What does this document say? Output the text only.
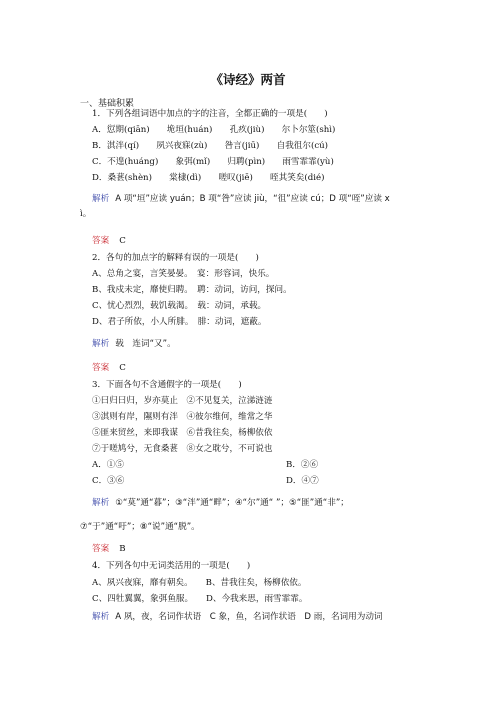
《诗经》两首
一、基础积累
1．下列各组词语中加点的字的注音，全都正确的一项是(　　)
A．愆期(qiān)　　垝垣(huán)　　孔疚(jiù)　　尔卜尔筮(shì)
B．淇泮(qí)　　夙兴夜寐(zù)　　咎言(jiū)　　自我徂尔(cú)
C．不遑(huáng)　　象弭(mǐ)　　归聘(pìn)　　雨雪霏霏(yù)
D．桑葚(shèn)　　棠棣(dì)　　嗟叹(jiē)　　咥其笑矣(dié)
解析 A 项“垣”应读 yuán；B 项“咎”应读 jiù，“徂”应读 cú；D 项“咥”应读 x
ì。
答案 C
2．各句的加点字的解释有误的一项是(　　)
A、总角之宴，言笑晏晏。　宴：形容词，快乐。
B、我戍未定，靡使归聘。　聘：动词，访问，探问。
C、忧心烈烈，载饥载渴。　载：动词，承载。
D、君子所依，小人所腓。　腓：动词，遮蔽。
解析 载　连词“又”。
答案 C
3．下面各句不含通假字的一项是(　　)
①曰归曰归，岁亦莫止　②不见复关，泣涕涟涟
③淇则有岸，隰则有泮　④彼尔维何，维常之华
⑤匪来贸丝，来即我谋　⑥昔我往矣，杨柳依依
⑦于嗟鸠兮，无食桑葚　⑧女之耽兮，不可说也
A．①⑤	B．②⑥
C．③⑥	D．④⑦
解析 ①“莫”通“暮”；③“泮”通“畔”；④“尔”通“ ”；⑤“匪”通“非”；
⑦“于”通“吁”；⑧“说”通“脱”。
答案 B
4．下列各句中无词类活用的一项是(　　)
A、夙兴夜寐，靡有朝矣。　　B、昔我往矣，杨柳依依。
C、四牡翼翼，象弭鱼服。　　D、今我来思，雨雪霏霏。
解析 A 夙，夜，名词作状语　C 象，鱼，名词作状语　D 雨，名词用为动词
